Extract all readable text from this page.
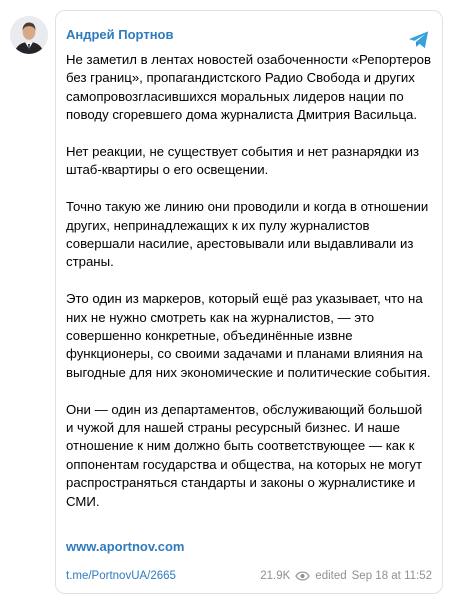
Андрей Портнов

Не заметил в лентах новостей озабоченности «Репортеров без границ», пропагандистского Радио Свобода и других самопровозгласившихся моральных лидеров нации по поводу сгоревшего дома журналиста Дмитрия Васильца.

Нет реакции, не существует события и нет разнарядки из штаб-квартиры о его освещении.

Точно такую же линию они проводили и когда в отношении других, непринадлежащих к их пулу журналистов совершали насилие, арестовывали или выдавливали из страны.

Это один из маркеров, который ещё раз указывает, что на них не нужно смотреть как на журналистов, — это совершенно конкретные, объединённые извне функционеры, со своими задачами и планами влияния на выгодные для них экономические и политические события.

Они — один из департаментов, обслуживающий большой и чужой для нашей страны ресурсный бизнес. И наше отношение к ним должно быть соответствующее — как к оппонентам государства и общества, на которых не могут распространяться стандарты и законы о журналистике и СМИ.

www.aportnov.com
t.me/PortnovUA/2665	21.9K edited Sep 18 at 11:52
